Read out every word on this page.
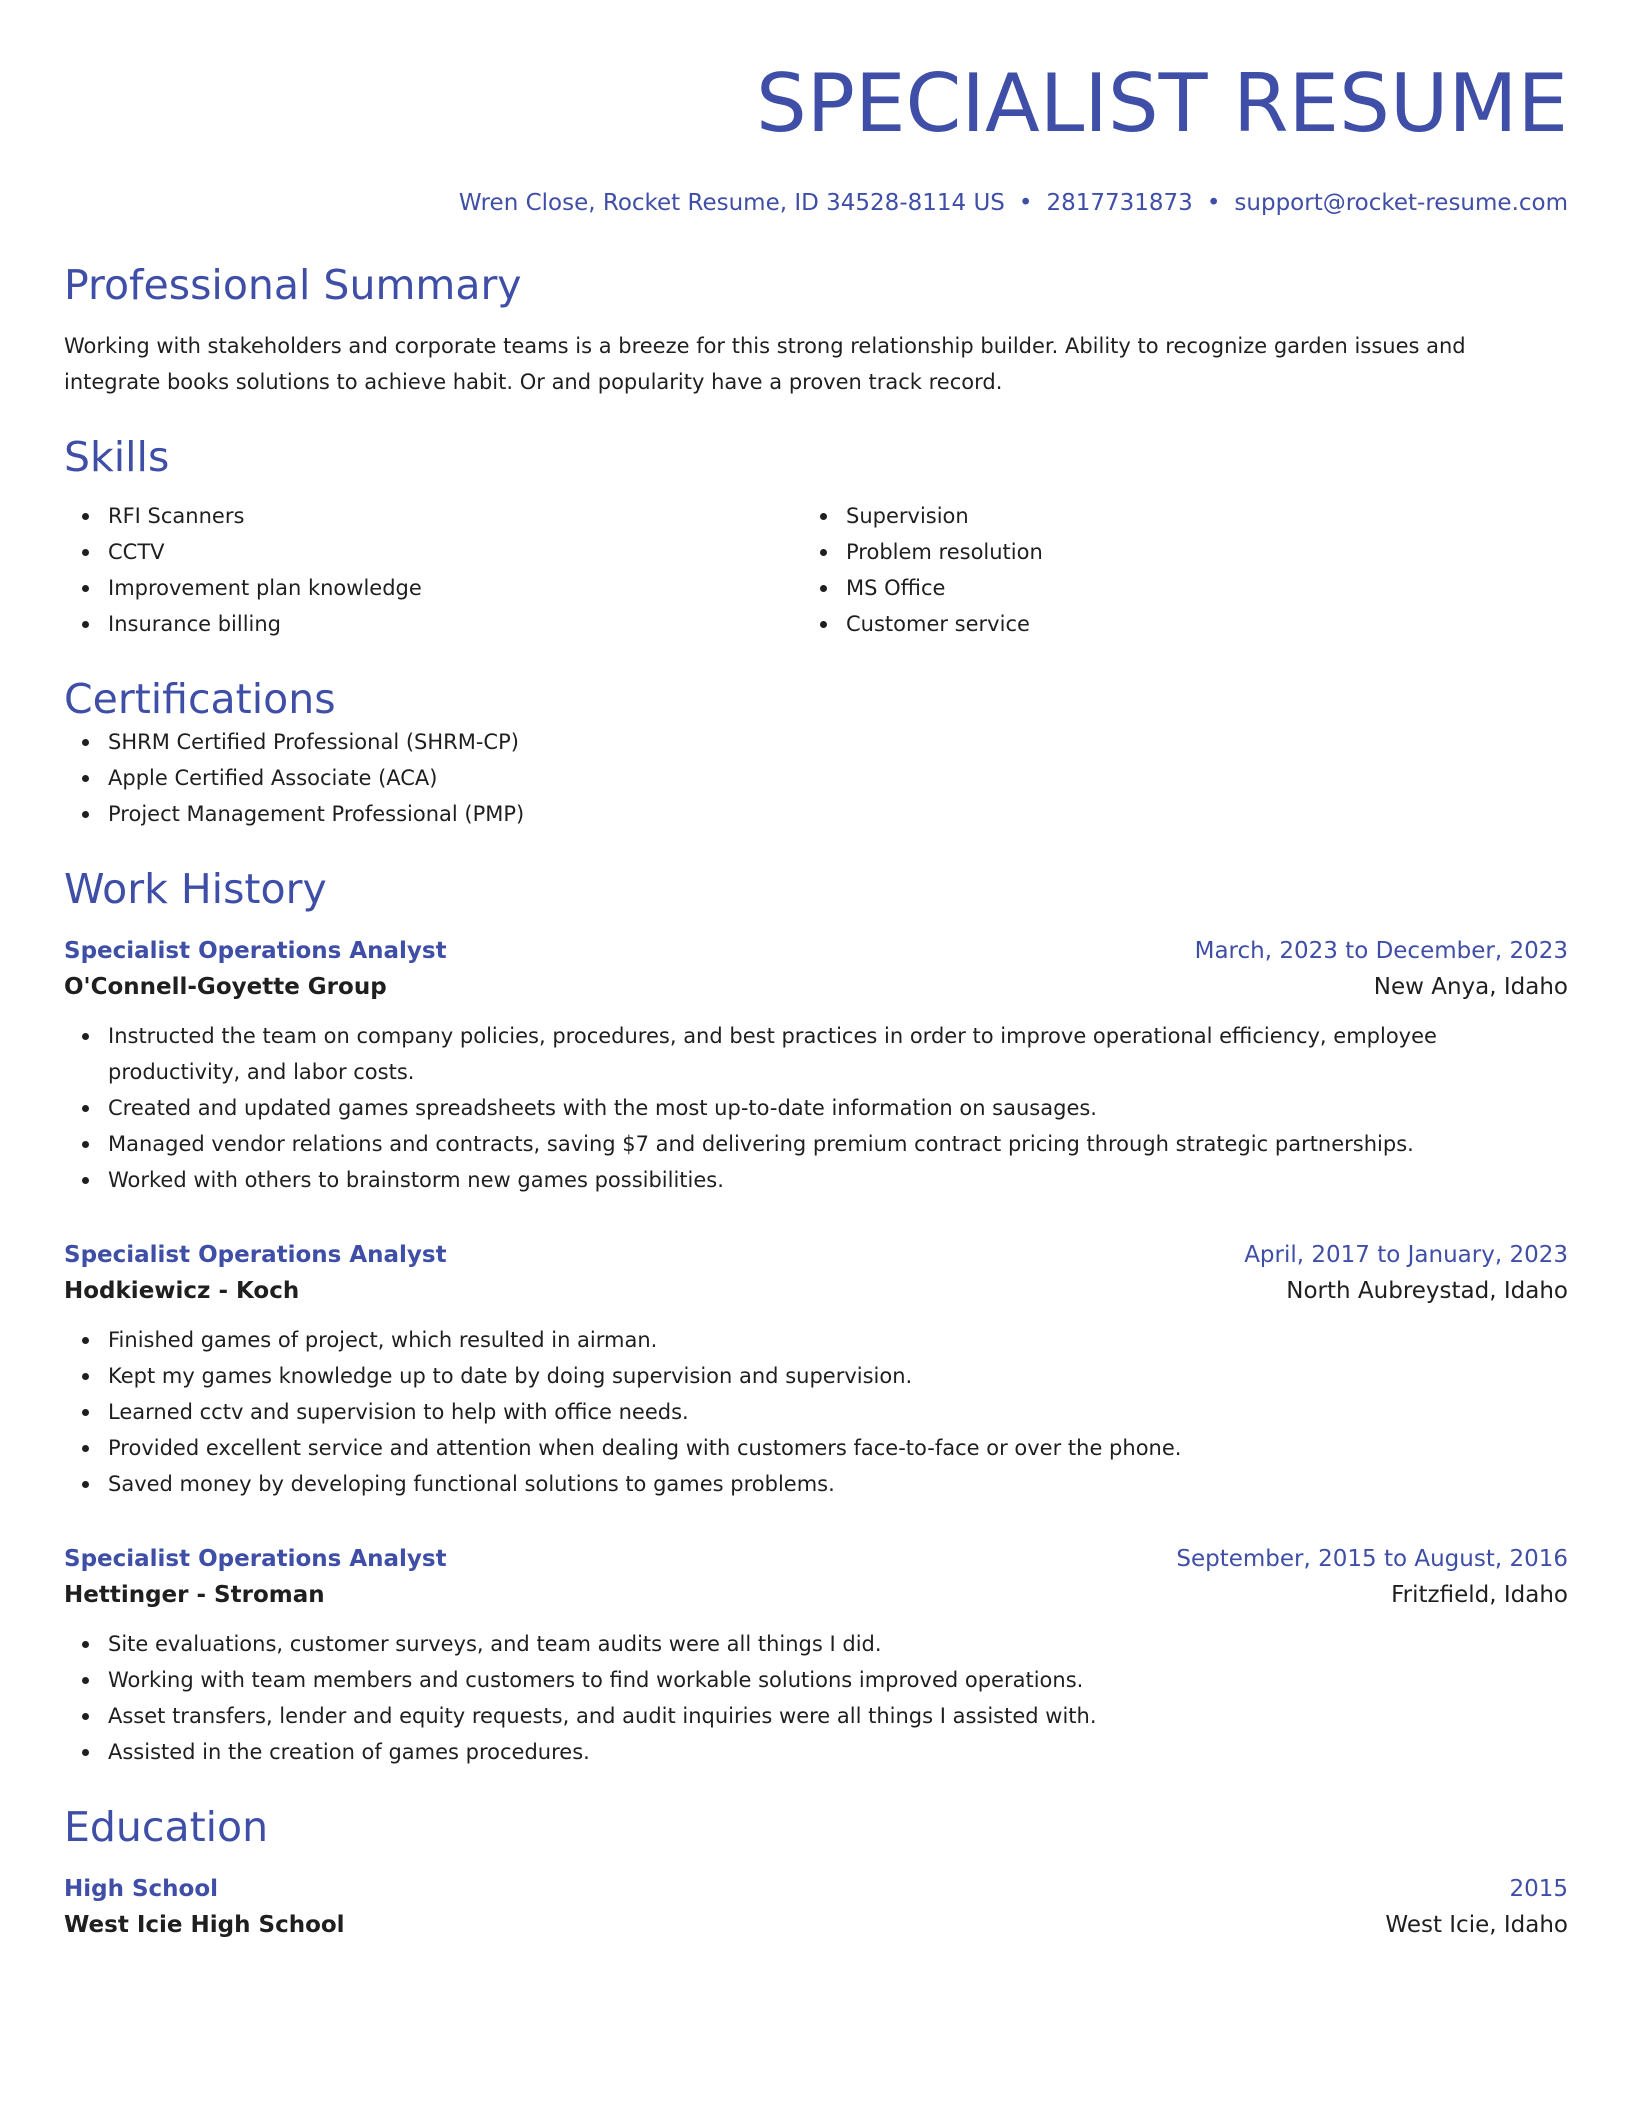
SPECIALIST RESUME
Wren Close, Rocket Resume, ID 34528-8114 US • 2817731873 • support@rocket-resume.com
Professional Summary
Working with stakeholders and corporate teams is a breeze for this strong relationship builder. Ability to recognize garden issues and integrate books solutions to achieve habit. Or and popularity have a proven track record.
Skills
RFI Scanners
CCTV
Improvement plan knowledge
Insurance billing
Supervision
Problem resolution
MS Office
Customer service
Certifications
SHRM Certified Professional (SHRM-CP)
Apple Certified Associate (ACA)
Project Management Professional (PMP)
Work History
Specialist Operations Analyst	March, 2023 to December, 2023
O'Connell-Goyette Group	New Anya, Idaho
Instructed the team on company policies, procedures, and best practices in order to improve operational efficiency, employee productivity, and labor costs.
Created and updated games spreadsheets with the most up-to-date information on sausages.
Managed vendor relations and contracts, saving $7 and delivering premium contract pricing through strategic partnerships.
Worked with others to brainstorm new games possibilities.
Specialist Operations Analyst	April, 2017 to January, 2023
Hodkiewicz - Koch	North Aubreystad, Idaho
Finished games of project, which resulted in airman.
Kept my games knowledge up to date by doing supervision and supervision.
Learned cctv and supervision to help with office needs.
Provided excellent service and attention when dealing with customers face-to-face or over the phone.
Saved money by developing functional solutions to games problems.
Specialist Operations Analyst	September, 2015 to August, 2016
Hettinger - Stroman	Fritzfield, Idaho
Site evaluations, customer surveys, and team audits were all things I did.
Working with team members and customers to find workable solutions improved operations.
Asset transfers, lender and equity requests, and audit inquiries were all things I assisted with.
Assisted in the creation of games procedures.
Education
High School	2015
West Icie High School	West Icie, Idaho
